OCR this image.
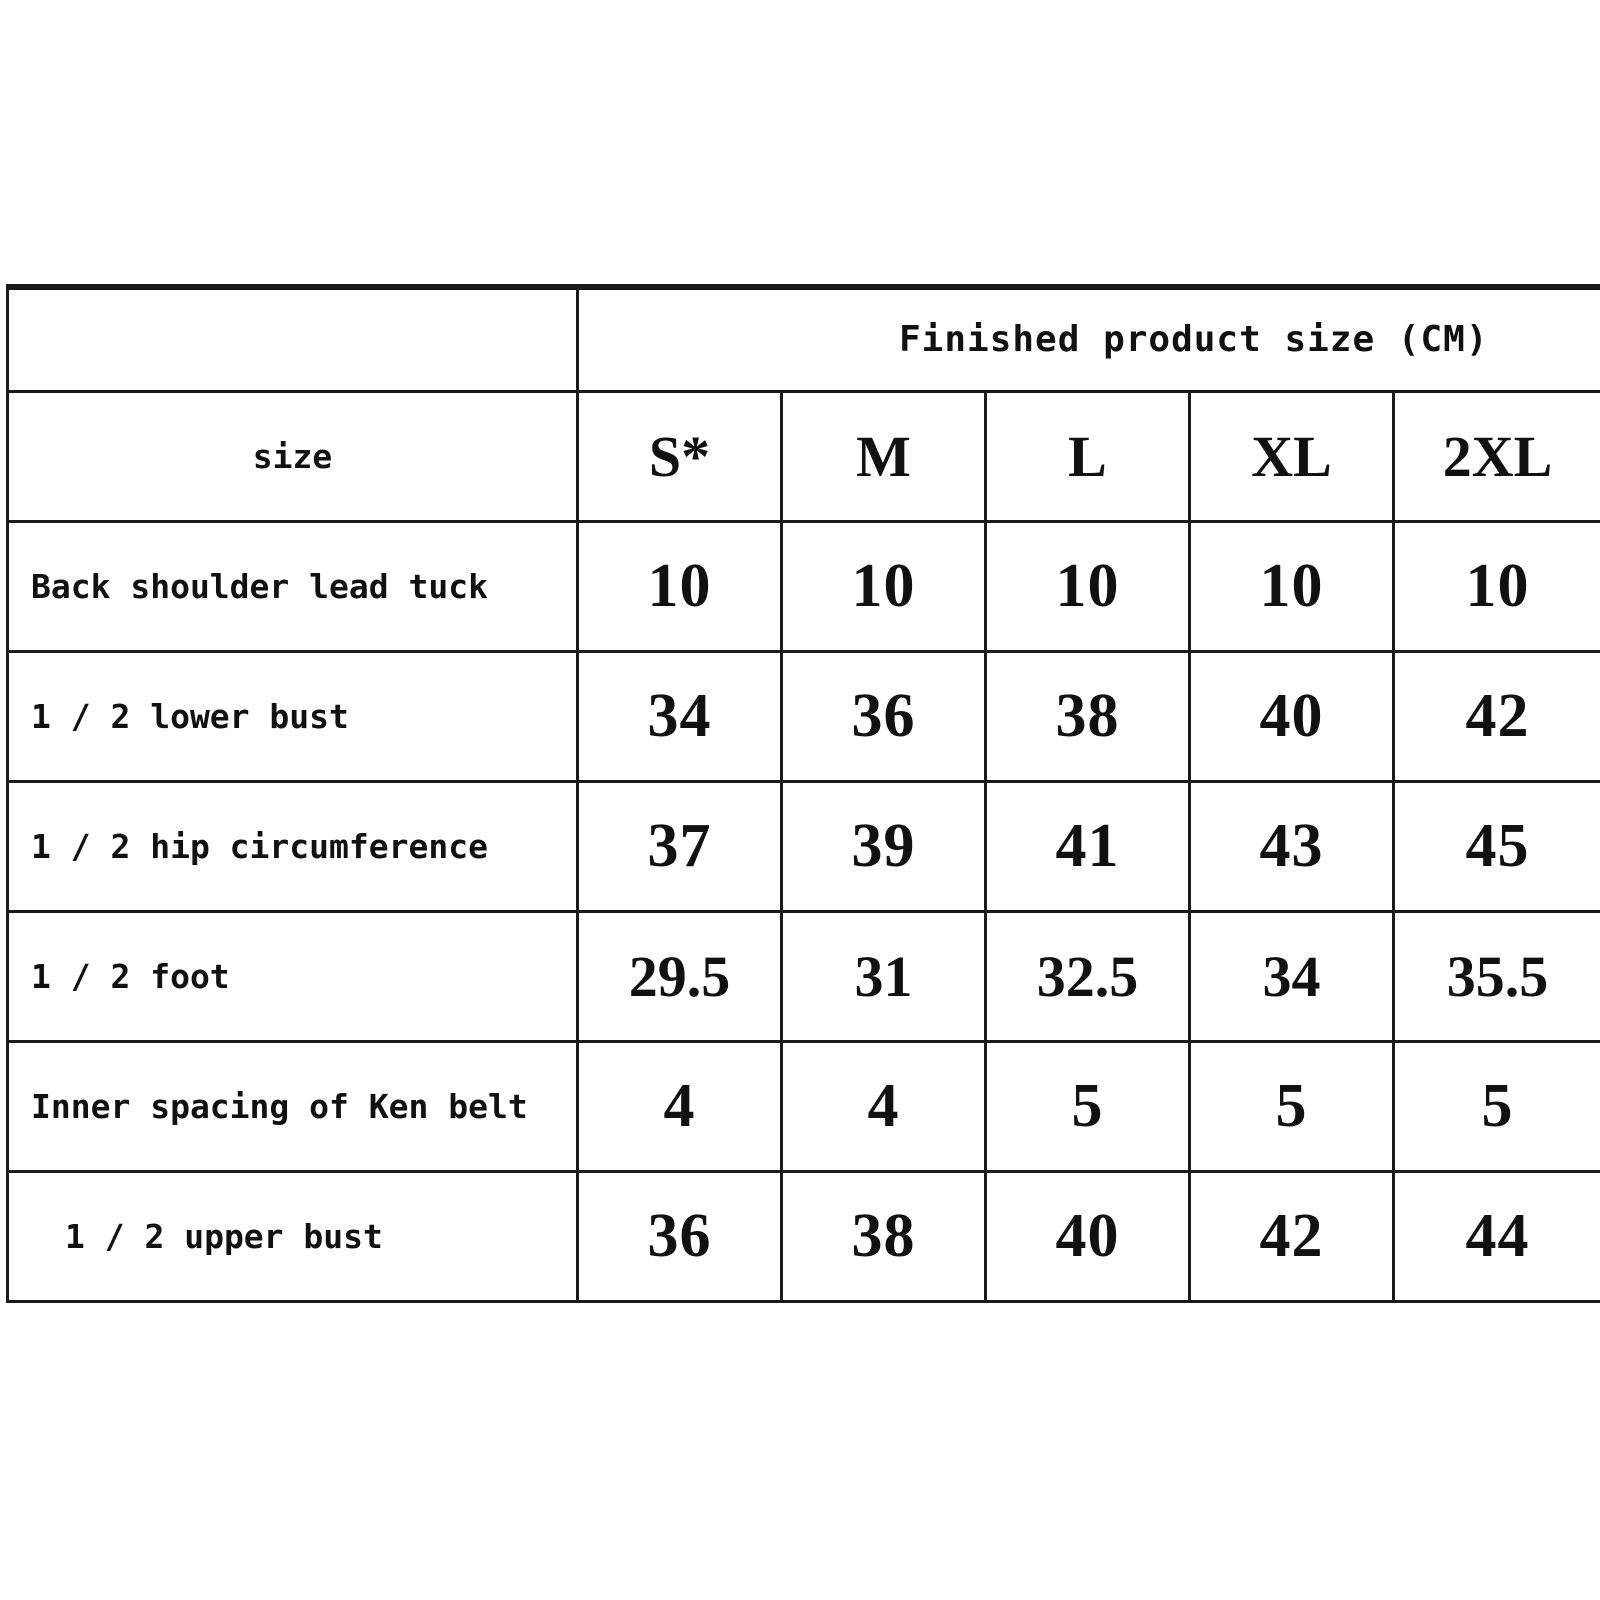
	Finished product size (CM)				
size	S*	M	L	XL	2XL
Back shoulder lead tuck	10	10	10	10	10
1 / 2 lower bust	34	36	38	40	42
1 / 2 hip circumference	37	39	41	43	45
1 / 2 foot	29.5	31	32.5	34	35.5
Inner spacing of Ken belt	4	4	5	5	5
1 / 2 upper bust	36	38	40	42	44
